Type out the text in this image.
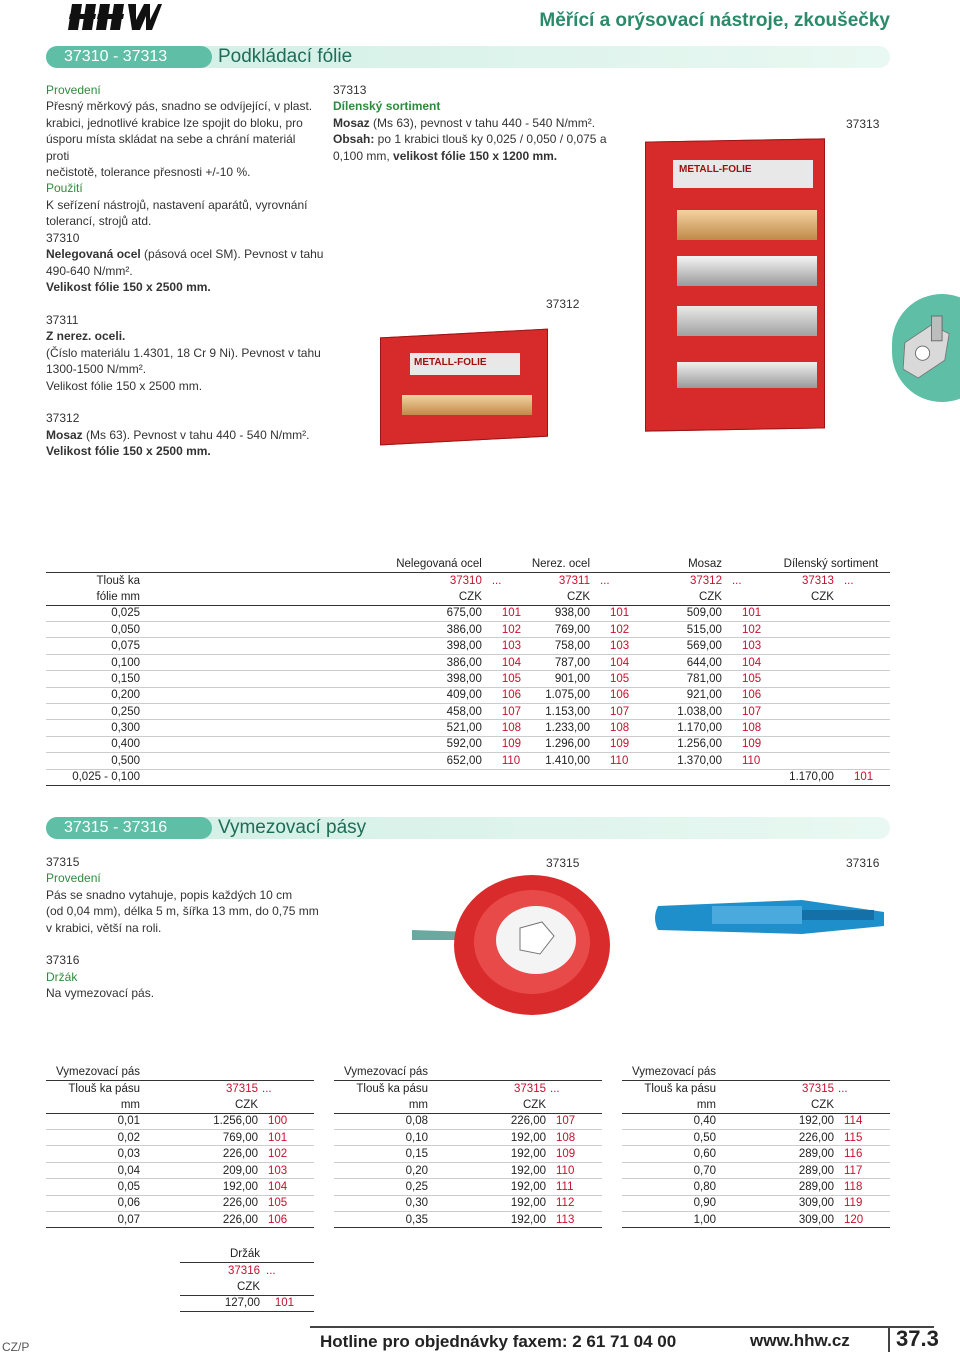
Měřící a orýsovací nástroje, zkoušečky
37310 - 37313	Podkládací fólie
Provedení
Přesný měrkový pás, snadno se odvíjející, v plast.
krabici, jednotlivé krabice lze spojit do bloku, pro
úsporu místa skládat na sebe a chrání materiál proti
nečistotě, tolerance přesnosti +/-10 %.
Použití
K seřízení nástrojů, nastavení aparátů, vyrovnání
tolerancí, strojů atd.
37313
Dílenský sortiment
Mosaz (Ms 63), pevnost v tahu 440 - 540 N/mm².
Obsah: po 1 krabici tlouš ky 0,025 / 0,050 / 0,075 a
0,100 mm, velikost fólie 150 x 1200 mm.
37313
METALL-FOLIE
37312
METALL-FOLIE
37310
Nelegovaná ocel (pásová ocel SM). Pevnost v tahu
490-640 N/mm².
Velikost fólie 150 x 2500 mm.
37311
Z nerez. oceli.
(Číslo materiálu 1.4301, 18 Cr 9 Ni). Pevnost v tahu
1300-1500 N/mm².
Velikost fólie 150 x 2500 mm.
37312
Mosaz (Ms 63). Pevnost v tahu 440 - 540 N/mm².
Velikost fólie 150 x 2500 mm.
	Nelegovaná ocel		Nerez. ocel		Mosaz		Dílenský sortiment	
Tlouš ka	37310	...	37311	...	37312	...	37313	...
fólie mm	CZK		CZK		CZK		CZK	
0,025	675,00	101	938,00	101	509,00	101		
0,050	386,00	102	769,00	102	515,00	102		
0,075	398,00	103	758,00	103	569,00	103		
0,100	386,00	104	787,00	104	644,00	104		
0,150	398,00	105	901,00	105	781,00	105		
0,200	409,00	106	1.075,00	106	921,00	106		
0,250	458,00	107	1.153,00	107	1.038,00	107		
0,300	521,00	108	1.233,00	108	1.170,00	108		
0,400	592,00	109	1.296,00	109	1.256,00	109		
0,500	652,00	110	1.410,00	110	1.370,00	110		
0,025 - 0,100							1.170,00	101
37315 - 37316	Vymezovací pásy
37315
Provedení
Pás se snadno vytahuje, popis každých 10 cm
(od 0,04 mm), délka 5 m, šířka 13 mm, do 0,75 mm
v krabici, větší na roli.
37316
Držák
Na vymezovací pás.
37315	37316
Vymezovací pás		
Tlouš ka pásu	37315	...
mm	CZK	
0,01	1.256,00	100
0,02	769,00	101
0,03	226,00	102
0,04	209,00	103
0,05	192,00	104
0,06	226,00	105
0,07	226,00	106
Vymezovací pás		
Tlouš ka pásu	37315	...
mm	CZK	
0,08	226,00	107
0,10	192,00	108
0,15	192,00	109
0,20	192,00	110
0,25	192,00	111
0,30	192,00	112
0,35	192,00	113
Vymezovací pás		
Tlouš ka pásu	37315	...
mm	CZK	
0,40	192,00	114
0,50	226,00	115
0,60	289,00	116
0,70	289,00	117
0,80	289,00	118
0,90	309,00	119
1,00	309,00	120
Držák	
37316	...
CZK	
127,00	101
CZ/P	Hotline pro objednávky faxem: 2 61 71 04 00	www.hhw.cz 37.3
